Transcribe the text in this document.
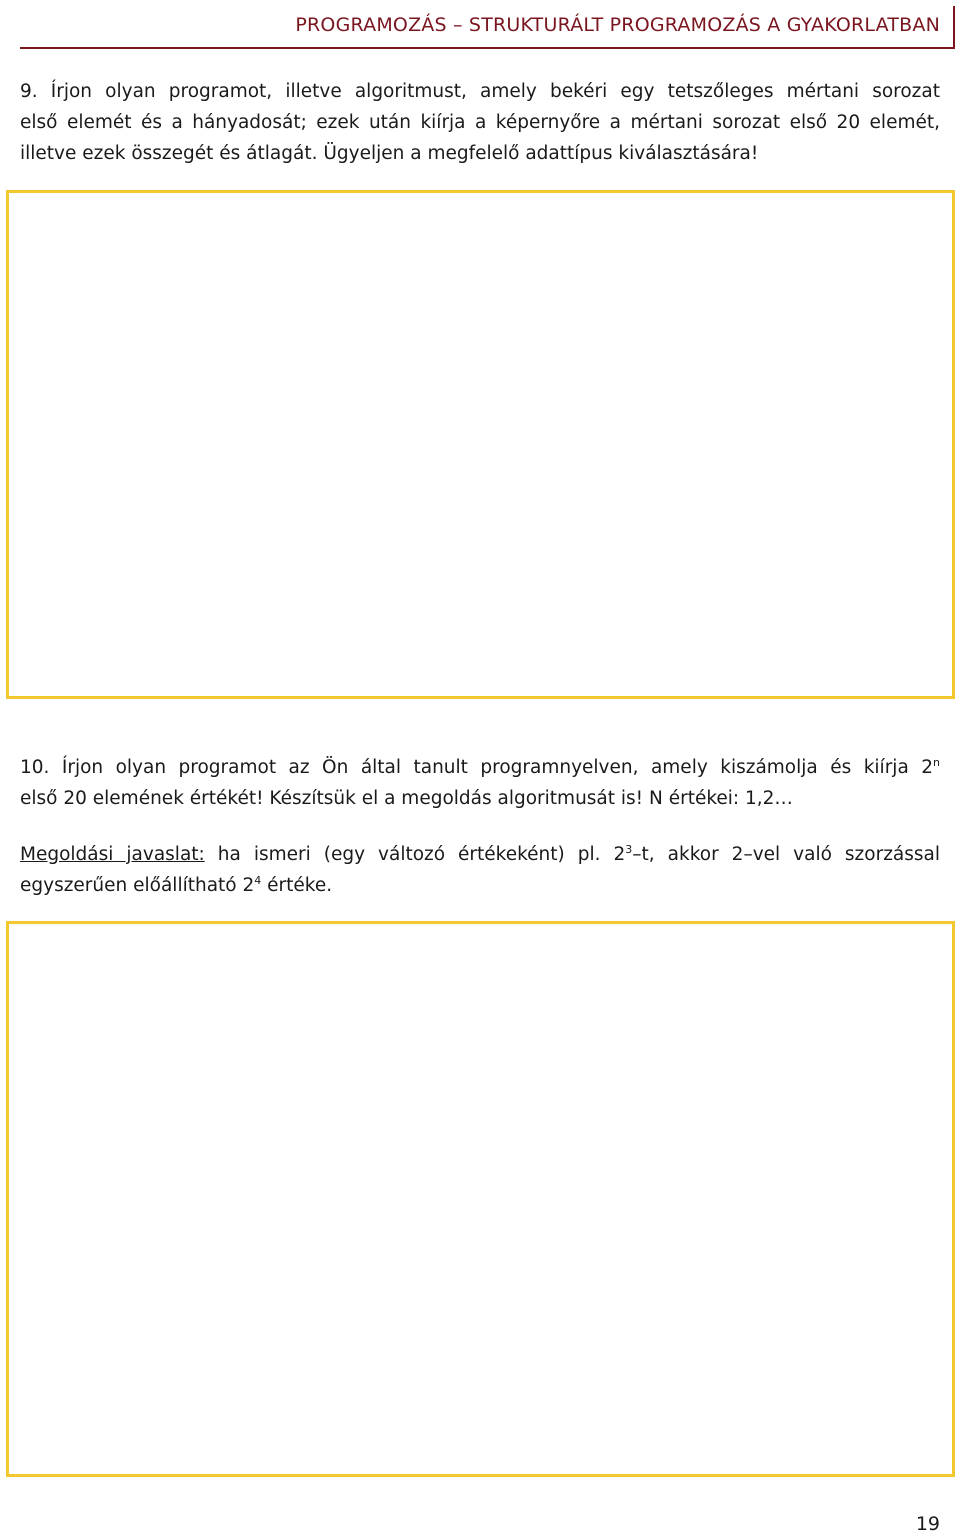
PROGRAMOZÁS – STRUKTURÁLT PROGRAMOZÁS A GYAKORLATBAN
9. Írjon olyan programot, illetve algoritmust, amely bekéri egy tetszőleges mértani sorozat
első elemét és a hányadosát; ezek után kiírja a képernyőre a mértani sorozat első 20 elemét,
illetve ezek összegét és átlagát. Ügyeljen a megfelelő adattípus kiválasztására!
10. Írjon olyan programot az Ön által tanult programnyelven, amely kiszámolja és kiírja 2$^n$
első 20 elemének értékét! Készítsük el a megoldás algoritmusát is! N értékei: 1,2…
Megoldási javaslat: ha ismeri (egy változó értékeként) pl. $2^3-t$, akkor 2–vel való szorzással
egyszerűen előállítható $2^4$ értéke.
19
